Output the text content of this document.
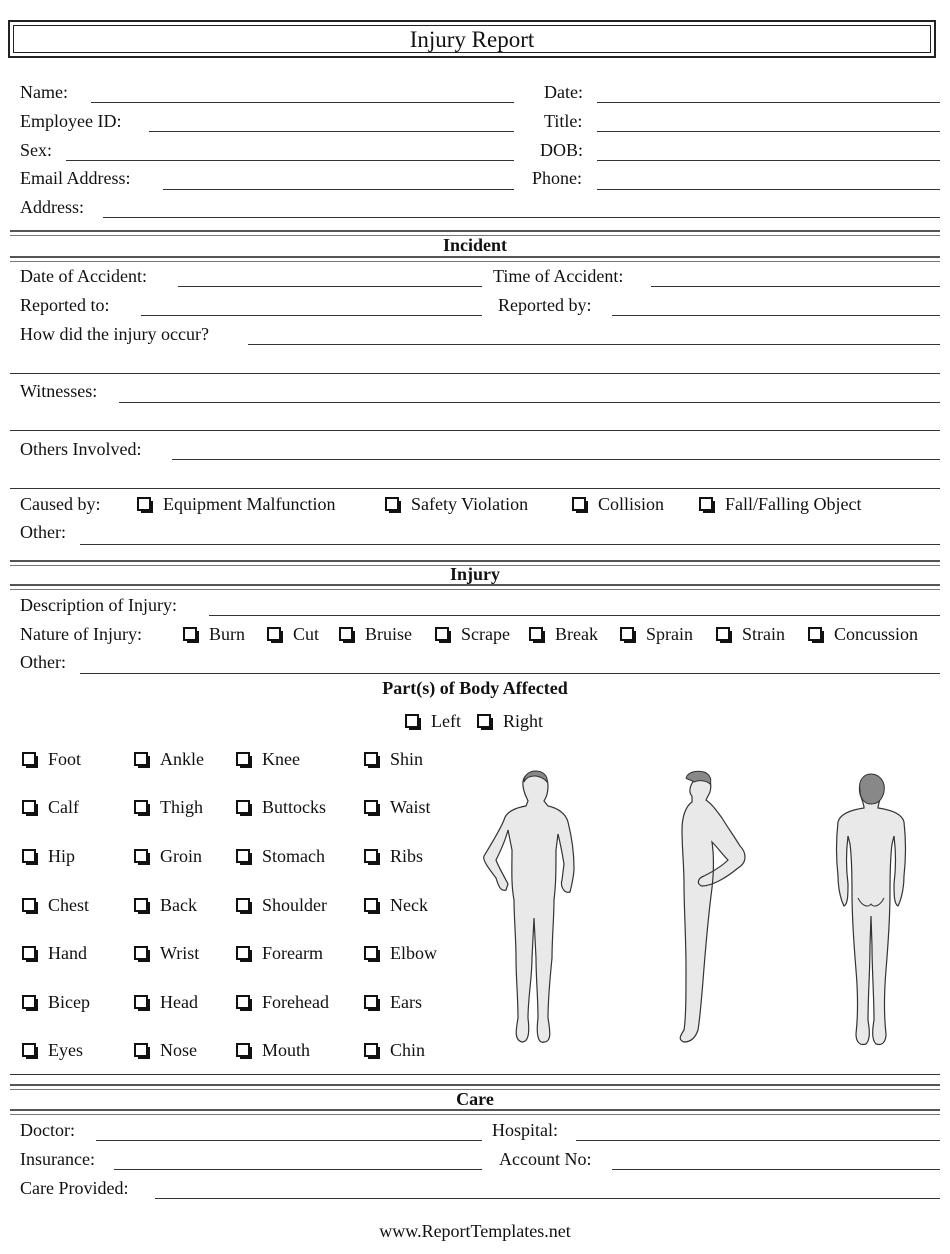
Injury Report
Name:	Date:
Employee ID:	Title:
Sex:	DOB:
Email Address:	Phone:
Address:
Incident
Date of Accident:	Time of Accident:
Reported to:	Reported by:
How did the injury occur?
Witnesses:
Others Involved:
Caused by:	Equipment Malfunction	Safety Violation	Collision	Fall/Falling Object
Other:
Injury
Description of Injury:
Nature of Injury:	Burn	Cut	Bruise	Scrape	Break	Sprain	Strain	Concussion
Other:
Part(s) of Body Affected
Left Right
Foot	Ankle	Knee	Shin
Calf	Thigh	Buttocks	Waist
Hip	Groin	Stomach	Ribs
Chest	Back	Shoulder	Neck
Hand	Wrist	Forearm	Elbow
Bicep	Head	Forehead	Ears
Eyes	Nose	Mouth	Chin
Care
Doctor:	Hospital:
Insurance:	Account No:
Care Provided:
www.ReportTemplates.net
